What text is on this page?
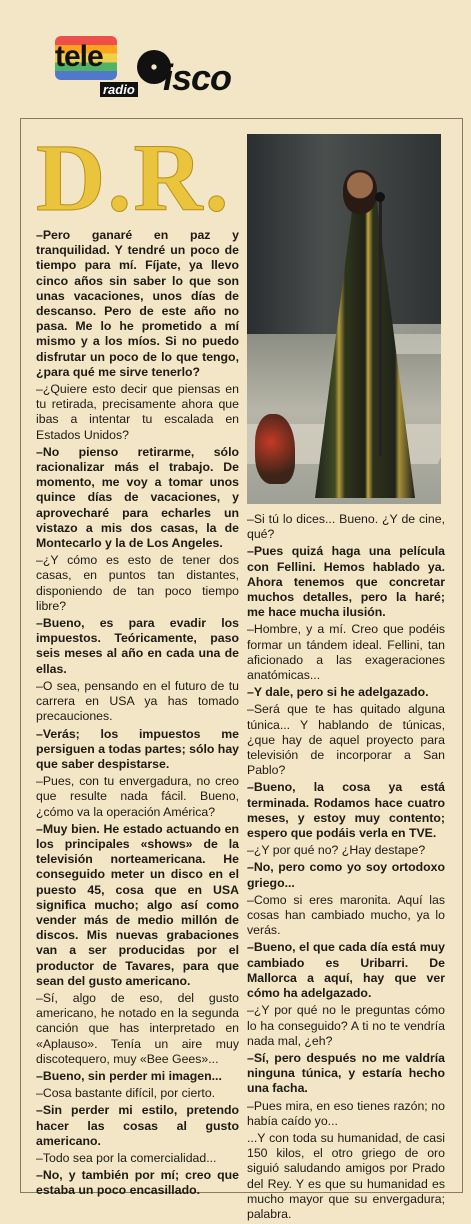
tele
isco
radio
D.R.

–Pero ganaré en paz y tranquilidad. Y tendré un poco de tiempo para mí. Fíjate, ya llevo cinco años sin saber lo que son unas vacaciones, unos días de descanso. Pero de este año no pasa. Me lo he prometido a mí mismo y a los míos. Si no puedo disfrutar un poco de lo que tengo, ¿para qué me sirve tenerlo?

–¿Quiere esto decir que piensas en tu retirada, precisamente ahora que ibas a intentar tu escalada en Estados Unidos?

–No pienso retirarme, sólo racionalizar más el trabajo. De momento, me voy a tomar unos quince días de vacaciones, y aprovecharé para echarles un vistazo a mis dos casas, la de Montecarlo y la de Los Angeles.

–¿Y cómo es esto de tener dos casas, en puntos tan distantes, disponiendo de tan poco tiempo libre?

–Bueno, es para evadir los impuestos. Teóricamente, paso seis meses al año en cada una de ellas.

–O sea, pensando en el futuro de tu carrera en USA ya has tomado precauciones.

–Verás; los impuestos me persiguen a todas partes; sólo hay que saber despistarse.

–Pues, con tu envergadura, no creo que resulte nada fácil. Bueno, ¿cómo va la operación América?

–Muy bien. He estado actuando en los principales «shows» de la televisión norteamericana. He conseguido meter un disco en el puesto 45, cosa que en USA significa mucho; algo así como vender más de medio millón de discos. Mis nuevas grabaciones van a ser producidas por el productor de Tavares, para que sean del gusto americano.

–Sí, algo de eso, del gusto americano, he notado en la segunda canción que has interpretado en «Aplauso». Tenía un aire muy discotequero, muy «Bee Gees»...

–Bueno, sin perder mi imagen...

–Cosa bastante difícil, por cierto.

–Sin perder mi estilo, pretendo hacer las cosas al gusto americano.

–Todo sea por la comercialidad...

–No, y también por mí; creo que estaba un poco encasillado.

–Si tú lo dices... Bueno. ¿Y de cine, qué?

–Pues quizá haga una película con Fellini. Hemos hablado ya. Ahora tenemos que concretar muchos detalles, pero la haré; me hace mucha ilusión.

–Hombre, y a mí. Creo que podéis formar un tándem ideal. Fellini, tan aficionado a las exageraciones anatómicas...

–Y dale, pero si he adelgazado.

–Será que te has quitado alguna túnica... Y hablando de túnicas, ¿que hay de aquel proyecto para televisión de incorporar a San Pablo?

–Bueno, la cosa ya está terminada. Rodamos hace cuatro meses, y estoy muy contento; espero que podáis verla en TVE.

–¿Y por qué no? ¿Hay destape?

–No, pero como yo soy ortodoxo griego...

–Como si eres maronita. Aquí las cosas han cambiado mucho, ya lo verás.

–Bueno, el que cada día está muy cambiado es Uribarri. De Mallorca a aquí, hay que ver cómo ha adelgazado.

–¿Y por qué no le preguntas cómo lo ha conseguido? A ti no te vendría nada mal, ¿eh?

–Sí, pero después no me valdría ninguna túnica, y estaría hecho una facha.

–Pues mira, en eso tienes razón; no había caído yo...

...Y con toda su humanidad, de casi 150 kilos, el otro griego de oro siguió saludando amigos por Prado del Rey. Y es que su humanidad es mucho mayor que su envergadura; palabra.
